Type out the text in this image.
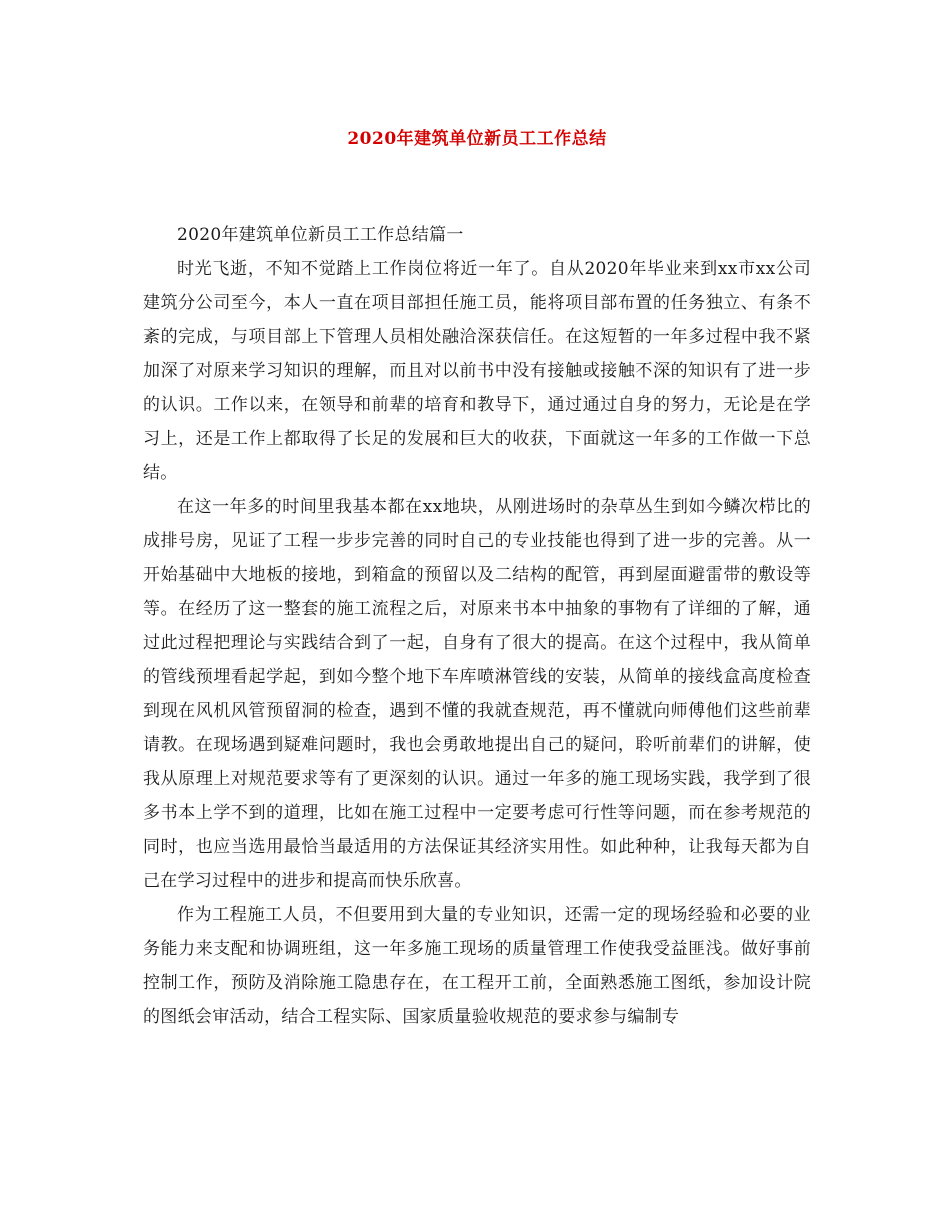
2020年建筑单位新员工工作总结

2020年建筑单位新员工工作总结篇一

时光飞逝，不知不觉踏上工作岗位将近一年了。自从2020年毕业来到xx市xx公司建筑分公司至今，本人一直在项目部担任施工员，能将项目部布置的任务独立、有条不紊的完成，与项目部上下管理人员相处融洽深获信任。在这短暂的一年多过程中我不紧加深了对原来学习知识的理解，而且对以前书中没有接触或接触不深的知识有了进一步的认识。工作以来，在领导和前辈的培育和教导下，通过通过自身的努力，无论是在学习上，还是工作上都取得了长足的发展和巨大的收获，下面就这一年多的工作做一下总结。

在这一年多的时间里我基本都在xx地块，从刚进场时的杂草丛生到如今鳞次栉比的成排号房，见证了工程一步步完善的同时自己的专业技能也得到了进一步的完善。从一开始基础中大地板的接地，到箱盒的预留以及二结构的配管，再到屋面避雷带的敷设等等。在经历了这一整套的施工流程之后，对原来书本中抽象的事物有了详细的了解，通过此过程把理论与实践结合到了一起，自身有了很大的提高。在这个过程中，我从简单的管线预埋看起学起，到如今整个地下车库喷淋管线的安装，从简单的接线盒高度检查到现在风机风管预留洞的检查，遇到不懂的我就查规范，再不懂就向师傅他们这些前辈请教。在现场遇到疑难问题时，我也会勇敢地提出自己的疑问，聆听前辈们的讲解，使我从原理上对规范要求等有了更深刻的认识。通过一年多的施工现场实践，我学到了很多书本上学不到的道理，比如在施工过程中一定要考虑可行性等问题，而在参考规范的同时，也应当选用最恰当最适用的方法保证其经济实用性。如此种种，让我每天都为自己在学习过程中的进步和提高而快乐欣喜。

作为工程施工人员，不但要用到大量的专业知识，还需一定的现场经验和必要的业务能力来支配和协调班组，这一年多施工现场的质量管理工作使我受益匪浅。做好事前控制工作，预防及消除施工隐患存在，在工程开工前，全面熟悉施工图纸，参加设计院的图纸会审活动，结合工程实际、国家质量验收规范的要求参与编制专
